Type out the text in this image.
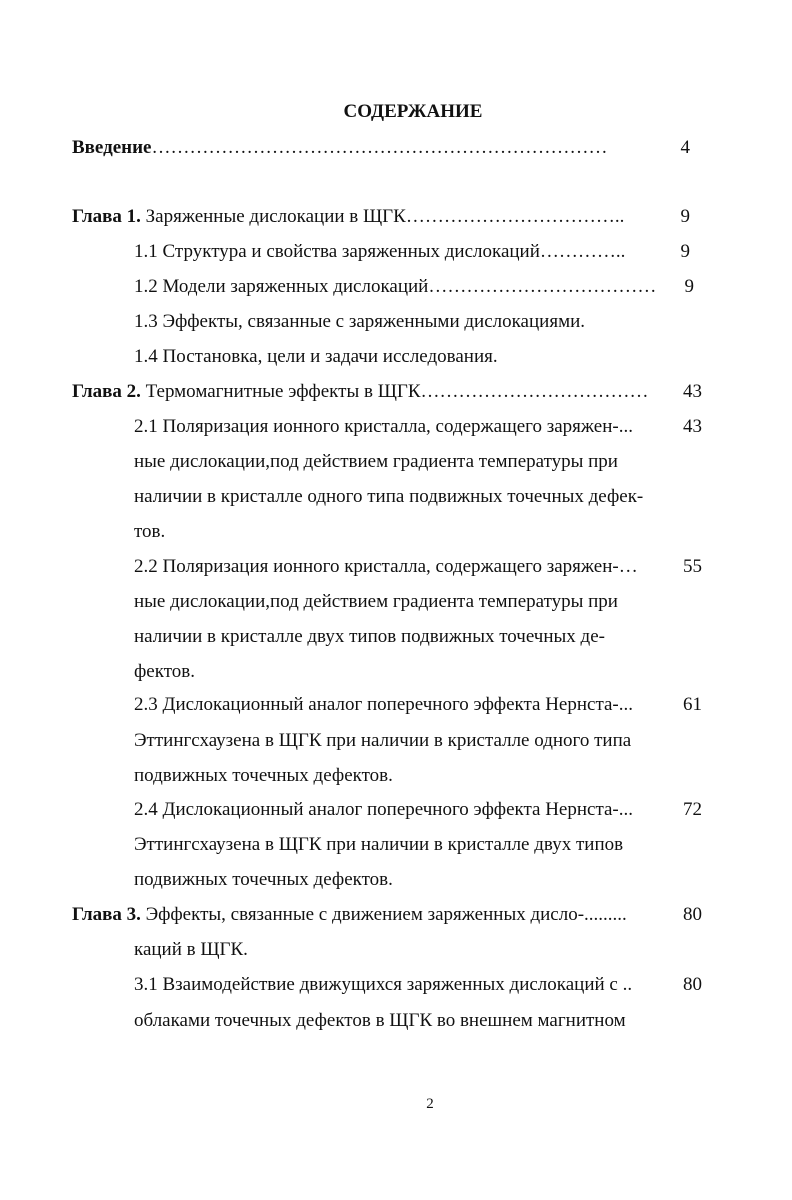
СОДЕРЖАНИЕ
Введение………………………………………………………………	4
Глава 1. Заряженные дислокации в ЩГК……………………………..	9
1.1 Структура и свойства заряженных дислокаций…………..	9
1.2 Модели заряженных дислокаций………………………………	9
1.3 Эффекты, связанные с заряженными дислокациями.
1.4 Постановка, цели и задачи исследования.
Глава 2. Термомагнитные эффекты в ЩГК………………………………	43
2.1 Поляризация ионного кристалла, содержащего заряжен-...	43
ные дислокации,под действием градиента температуры при
наличии в кристалле одного типа подвижных точечных дефек-
тов.
2.2 Поляризация ионного кристалла, содержащего заряжен-…	55
ные дислокации,под действием градиента температуры при
наличии в кристалле двух типов подвижных точечных де-
фектов.
2.3 Дислокационный аналог поперечного эффекта Нернста-...	61
Эттингсхаузена в ЩГК при наличии в кристалле одного типа
подвижных точечных дефектов.
2.4 Дислокационный аналог поперечного эффекта Нернста-...	72
Эттингсхаузена в ЩГК при наличии в кристалле двух типов
подвижных точечных дефектов.
Глава 3. Эффекты, связанные с движением заряженных дисло-.........	80
каций в ЩГК.
3.1 Взаимодействие движущихся заряженных дислокаций с ..	80
облаками точечных дефектов в ЩГК во внешнем магнитном
2
